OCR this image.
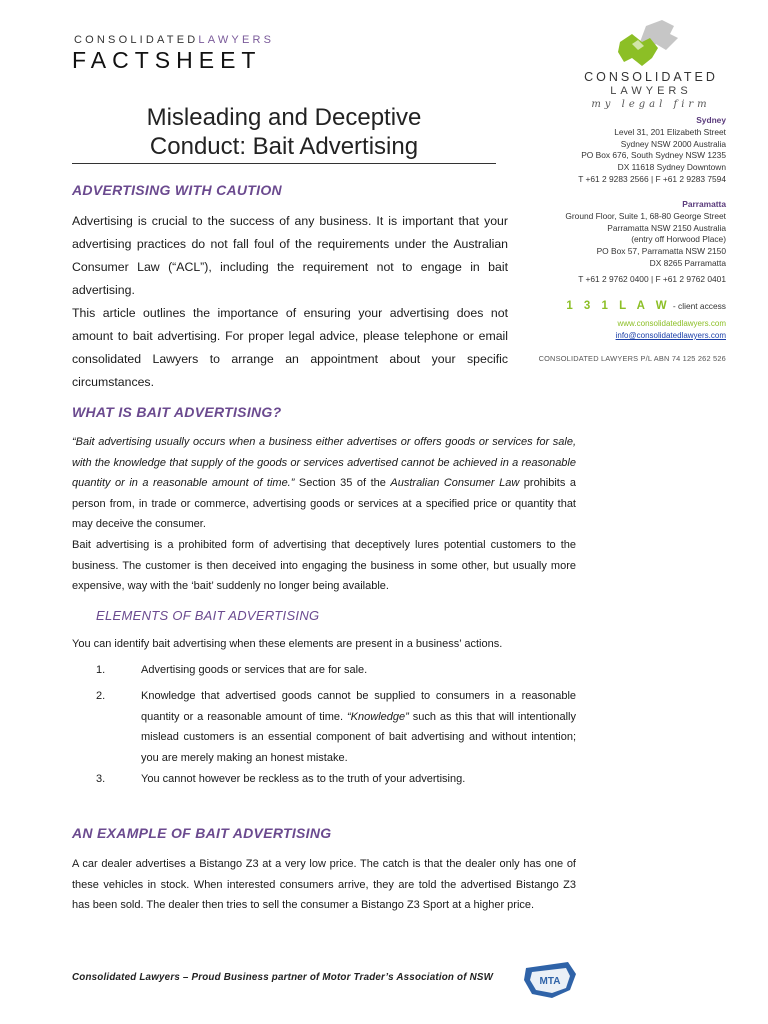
CONSOLIDATEDLAWYERS
FACTSHEET
Misleading and Deceptive
Conduct: Bait Advertising
CONSOLIDATED
LAWYERS
my legal firm
Sydney
Level 31, 201 Elizabeth Street
Sydney NSW 2000 Australia
PO Box 676, South Sydney NSW 1235
DX 11618 Sydney Downtown
T +61 2 9283 2566 | F +61 2 9283 7594
Parramatta
Ground Floor, Suite 1, 68-80 George Street
Parramatta NSW 2150 Australia
(entry off Horwood Place)
PO Box 57, Parramatta NSW 2150
DX 8265 Parramatta
T +61 2 9762 0400 | F +61 2 9762 0401
1 3 1 L A W - client access
www.consolidatedlawyers.com
info@consolidatedlawyers.com
CONSOLIDATED LAWYERS P/L ABN 74 125 262 526
ADVERTISING WITH CAUTION
Advertising is crucial to the success of any business. It is important that your advertising practices do not fall foul of the requirements under the Australian Consumer Law (“ACL”), including the requirement not to engage in bait advertising.
This article outlines the importance of ensuring your advertising does not amount to bait advertising. For proper legal advice, please telephone or email consolidated Lawyers to arrange an appointment about your specific circumstances.
WHAT IS BAIT ADVERTISING?
“Bait advertising usually occurs when a business either advertises or offers goods or services for sale, with the knowledge that supply of the goods or services advertised cannot be achieved in a reasonable quantity or in a reasonable amount of time.” Section 35 of the Australian Consumer Law prohibits a person from, in trade or commerce, advertising goods or services at a specified price or quantity that may deceive the consumer.
Bait advertising is a prohibited form of advertising that deceptively lures potential customers to the business. The customer is then deceived into engaging the business in some other, but usually more expensive, way with the ‘bait’ suddenly no longer being available.
ELEMENTS OF BAIT ADVERTISING
You can identify bait advertising when these elements are present in a business’ actions.
1.	Advertising goods or services that are for sale.
2.	Knowledge that advertised goods cannot be supplied to consumers in a reasonable quantity or a reasonable amount of time. “Knowledge” such as this that will intentionally mislead customers is an essential component of bait advertising and without intention; you are merely making an honest mistake.
3.	You cannot however be reckless as to the truth of your advertising.
AN EXAMPLE OF BAIT ADVERTISING
A car dealer advertises a Bistango Z3 at a very low price. The catch is that the dealer only has one of these vehicles in stock. When interested consumers arrive, they are told the advertised Bistango Z3 has been sold. The dealer then tries to sell the consumer a Bistango Z3 Sport at a higher price.
Consolidated Lawyers – Proud Business partner of Motor Trader’s Association of NSW	MTA
